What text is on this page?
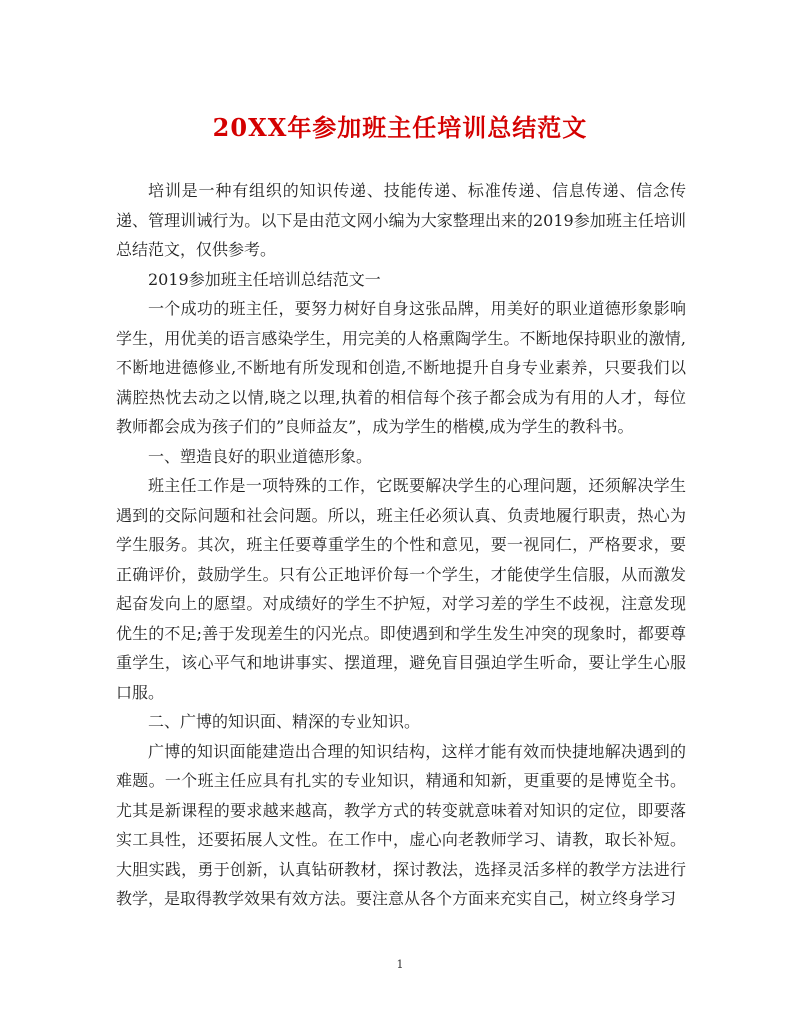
20XX年参加班主任培训总结范文

培训是一种有组织的知识传递、技能传递、标准传递、信息传递、信念传递、管理训诫行为。以下是由范文网小编为大家整理出来的2019参加班主任培训总结范文，仅供参考。

2019参加班主任培训总结范文一

一个成功的班主任，要努力树好自身这张品牌，用美好的职业道德形象影响学生，用优美的语言感染学生，用完美的人格熏陶学生。不断地保持职业的激情,不断地进德修业,不断地有所发现和创造,不断地提升自身专业素养，只要我们以满腔热忱去动之以情,晓之以理,执着的相信每个孩子都会成为有用的人才，每位教师都会成为孩子们的”良师益友”，成为学生的楷模,成为学生的教科书。

一、塑造良好的职业道德形象。

班主任工作是一项特殊的工作，它既要解决学生的心理问题，还须解决学生遇到的交际问题和社会问题。所以，班主任必须认真、负责地履行职责，热心为学生服务。其次，班主任要尊重学生的个性和意见，要一视同仁，严格要求，要正确评价，鼓励学生。只有公正地评价每一个学生，才能使学生信服，从而激发起奋发向上的愿望。对成绩好的学生不护短，对学习差的学生不歧视，注意发现优生的不足;善于发现差生的闪光点。即使遇到和学生发生冲突的现象时，都要尊重学生，该心平气和地讲事实、摆道理，避免盲目强迫学生听命，要让学生心服口服。

二、广博的知识面、精深的专业知识。

广博的知识面能建造出合理的知识结构，这样才能有效而快捷地解决遇到的难题。一个班主任应具有扎实的专业知识，精通和知新，更重要的是博览全书。尤其是新课程的要求越来越高，教学方式的转变就意味着对知识的定位，即要落实工具性，还要拓展人文性。在工作中，虚心向老教师学习、请教，取长补短。大胆实践，勇于创新，认真钻研教材，探讨教法，选择灵活多样的教学方法进行教学，是取得教学效果有效方法。要注意从各个方面来充实自己，树立终身学习

1
